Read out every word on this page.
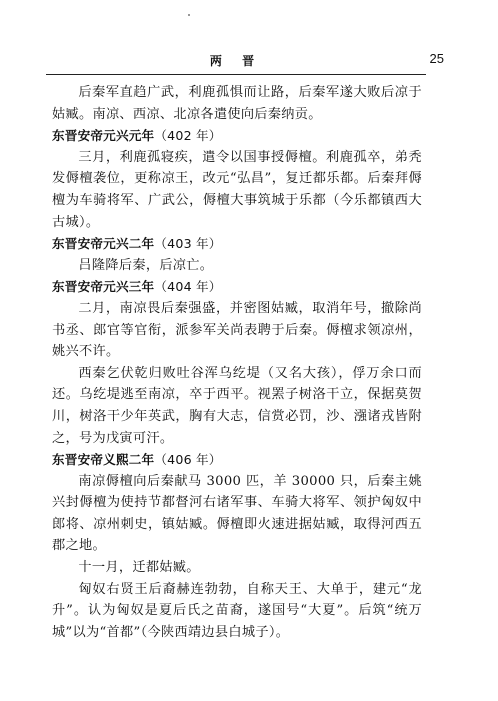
两 晋	25

后秦军直趋广武，利鹿孤惧而让路，后秦军遂大败后凉于姑臧。南凉、西凉、北凉各遣使向后秦纳贡。

东晋安帝元兴元年（402 年）

三月，利鹿孤寝疾，遣令以国事授傉檀。利鹿孤卒，弟秃发傉檀袭位，更称凉王，改元“弘昌”，复迁都乐都。后秦拜傉檀为车骑将军、广武公，傉檀大事筑城于乐都（今乐都镇西大古城）。

东晋安帝元兴二年（403 年）

吕隆降后秦，后凉亡。

东晋安帝元兴三年（404 年）

二月，南凉畏后秦强盛，并密图姑臧，取消年号，撤除尚书丞、郎官等官衔，派参军关尚表聘于后秦。傉檀求领凉州，姚兴不许。

西秦乞伏乾归败吐谷浑乌纥堤（又名大孩），俘万余口而还。乌纥堤逃至南凉，卒于西平。视罴子树洛干立，保据莫贺川，树洛干少年英武，胸有大志，信赏必罚，沙、漒诸戎皆附之，号为戊寅可汗。

东晋安帝义熙二年（406 年）

南凉傉檀向后秦献马 3000 匹，羊 30000 只，后秦主姚兴封傉檀为使持节都督河右诸军事、车骑大将军、领护匈奴中郎将、凉州刺史，镇姑臧。傉檀即火速进据姑臧，取得河西五郡之地。

十一月，迁都姑臧。

匈奴右贤王后裔赫连勃勃，自称天王、大单于，建元“龙升”。认为匈奴是夏后氏之苗裔，遂国号“大夏”。后筑“统万城”以为“首都”（今陕西靖边县白城子）。
